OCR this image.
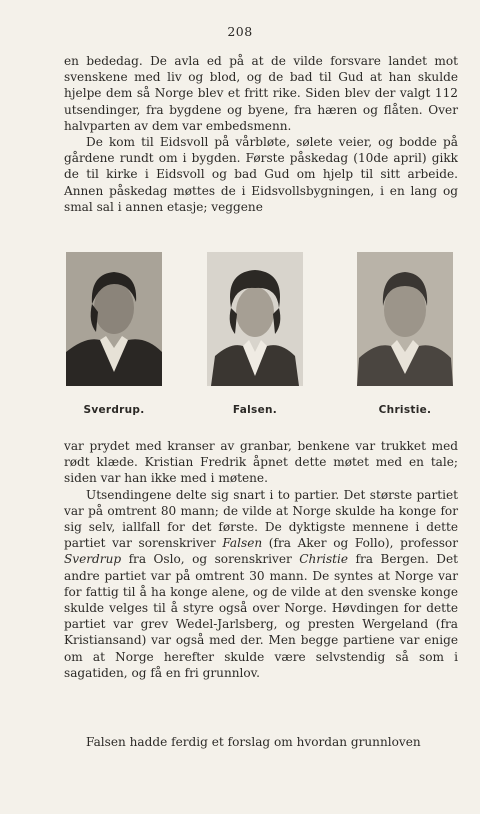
208

en bededag. De avla ed på at de vilde forsvare landet mot svenskene med liv og blod, og de bad til Gud at han skulde hjelpe dem så Norge blev et fritt rike. Siden blev der valgt 112 utsendinger, fra bygdene og byene, fra hæren og flåten. Over halvparten av dem var embedsmenn.

De kom til Eidsvoll på vårbløte, sølete veier, og bodde på gårdene rundt om i bygden. Første påskedag (10de april) gikk de til kirke i Eidsvoll og bad Gud om hjelp til sitt arbeide. Annen påskedag møttes de i Eidsvollsbygningen, i en lang og smal sal i annen etasje; veggene

Sverdrup.	Falsen.	Christie.

var prydet med kranser av granbar, benkene var trukket med rødt klæde. Kristian Fredrik åpnet dette møtet med en tale; siden var han ikke med i møtene.

Utsendingene delte sig snart i to partier. Det største partiet var på omtrent 80 mann; de vilde at Norge skulde ha konge for sig selv, iallfall for det første. De dyktigste mennene i dette partiet var sorenskriver Falsen (fra Aker og Follo), professor Sverdrup fra Oslo, og sorenskriver Christie fra Bergen. Det andre partiet var på omtrent 30 mann. De syntes at Norge var for fattig til å ha konge alene, og de vilde at den svenske konge skulde velges til å styre også over Norge. Høvdingen for dette partiet var grev Wedel-Jarlsberg, og presten Wergeland (fra Kristiansand) var også med der. Men begge partiene var enige om at Norge herefter skulde være selvstendig så som i sagatiden, og få en fri grunnlov.

Falsen hadde ferdig et forslag om hvordan grunnloven
